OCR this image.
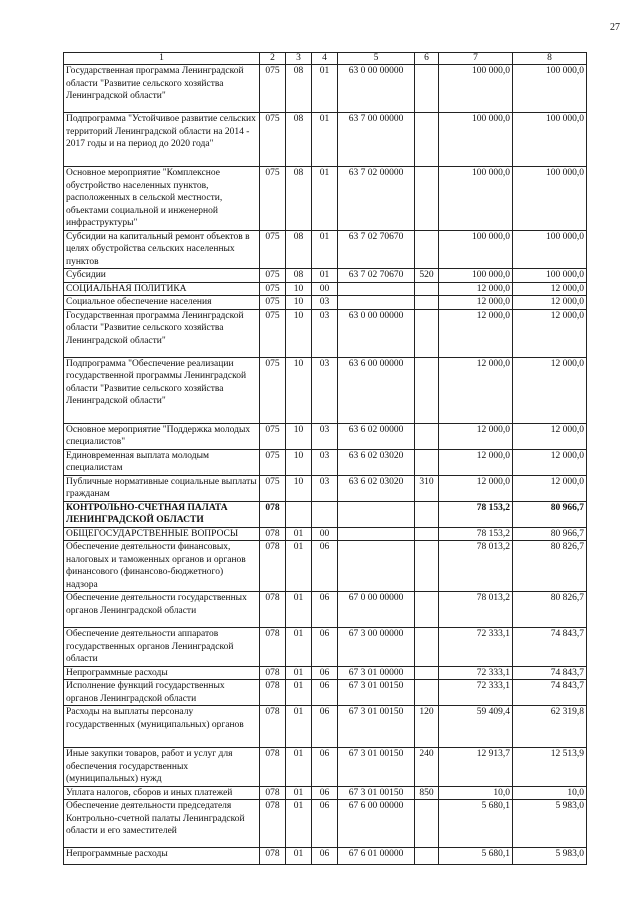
27
1	2	3	4	5	6	7	8
Государственная программа Ленинградской области "Развитие сельского хозяйства Ленинградской области"	075	08	01	63 0 00 00000		100 000,0	100 000,0
Подпрограмма "Устойчивое развитие сельских территорий Ленинградской области на 2014 - 2017 годы и на период до 2020 года"	075	08	01	63 7 00 00000		100 000,0	100 000,0
Основное мероприятие "Комплексное обустройство населенных пунктов, расположенных в сельской местности, объектами социальной и инженерной инфраструктуры"	075	08	01	63 7 02 00000		100 000,0	100 000,0
Субсидии на капитальный ремонт объектов в целях обустройства сельских населенных пунктов	075	08	01	63 7 02 70670		100 000,0	100 000,0
Субсидии	075	08	01	63 7 02 70670	520	100 000,0	100 000,0
СОЦИАЛЬНАЯ ПОЛИТИКА	075	10	00			12 000,0	12 000,0
Социальное обеспечение населения	075	10	03			12 000,0	12 000,0
Государственная программа Ленинградской области "Развитие сельского хозяйства Ленинградской области"	075	10	03	63 0 00 00000		12 000,0	12 000,0
Подпрограмма "Обеспечение реализации государственной программы Ленинградской области "Развитие сельского хозяйства Ленинградской области"	075	10	03	63 6 00 00000		12 000,0	12 000,0
Основное мероприятие "Поддержка молодых специалистов"	075	10	03	63 6 02 00000		12 000,0	12 000,0
Единовременная выплата молодым специалистам	075	10	03	63 6 02 03020		12 000,0	12 000,0
Публичные нормативные социальные выплаты гражданам	075	10	03	63 6 02 03020	310	12 000,0	12 000,0
КОНТРОЛЬНО-СЧЕТНАЯ ПАЛАТА ЛЕНИНГРАДСКОЙ ОБЛАСТИ	078					78 153,2	80 966,7
ОБЩЕГОСУДАРСТВЕННЫЕ ВОПРОСЫ	078	01	00			78 153,2	80 966,7
Обеспечение деятельности финансовых, налоговых и таможенных органов и органов финансового (финансово-бюджетного) надзора	078	01	06			78 013,2	80 826,7
Обеспечение деятельности государственных органов Ленинградской области	078	01	06	67 0 00 00000		78 013,2	80 826,7
Обеспечение деятельности аппаратов государственных органов Ленинградской области	078	01	06	67 3 00 00000		72 333,1	74 843,7
Непрограммные расходы	078	01	06	67 3 01 00000		72 333,1	74 843,7
Исполнение функций государственных органов Ленинградской области	078	01	06	67 3 01 00150		72 333,1	74 843,7
Расходы на выплаты персоналу государственных (муниципальных) органов	078	01	06	67 3 01 00150	120	59 409,4	62 319,8
Иные закупки товаров, работ и услуг для обеспечения государственных (муниципальных) нужд	078	01	06	67 3 01 00150	240	12 913,7	12 513,9
Уплата налогов, сборов и иных платежей	078	01	06	67 3 01 00150	850	10,0	10,0
Обеспечение деятельности председателя Контрольно-счетной палаты Ленинградской области и его заместителей	078	01	06	67 6 00 00000		5 680,1	5 983,0
Непрограммные расходы	078	01	06	67 6 01 00000		5 680,1	5 983,0
